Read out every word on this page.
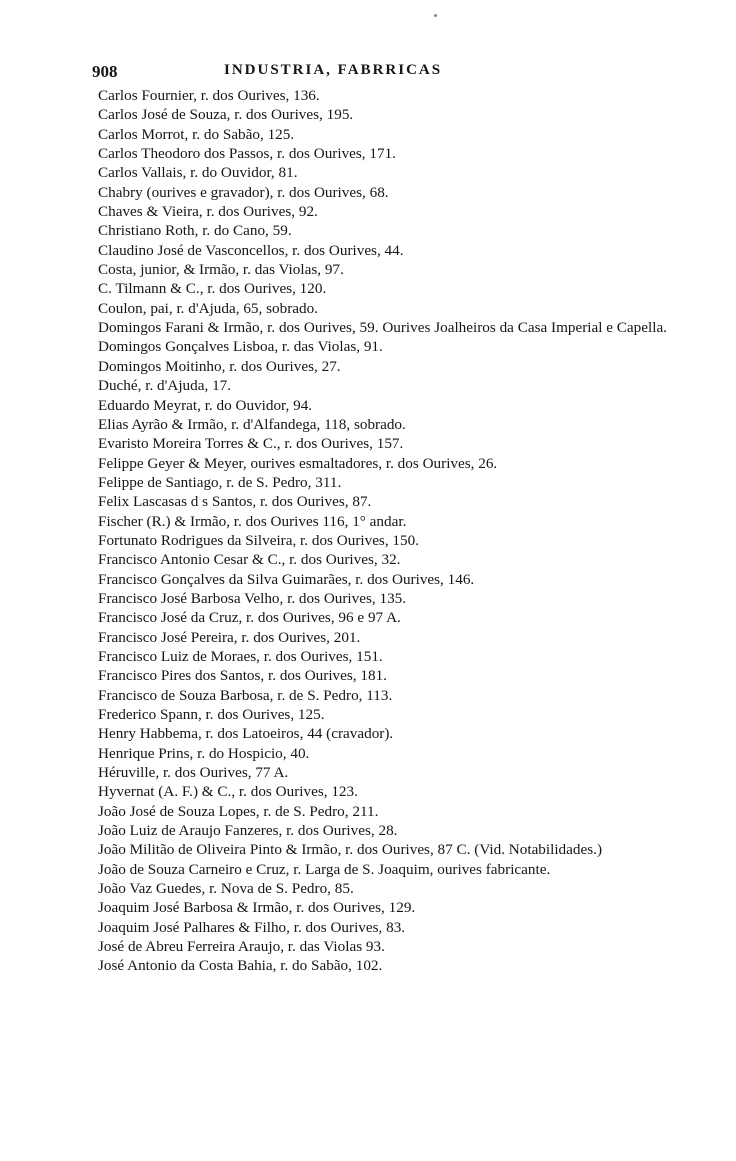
908	INDUSTRIA, FABRRICAS
Carlos Fournier, r. dos Ourives, 136.
Carlos José de Souza, r. dos Ourives, 195.
Carlos Morrot, r. do Sabão, 125.
Carlos Theodoro dos Passos, r. dos Ourives, 171.
Carlos Vallais, r. do Ouvidor, 81.
Chabry (ourives e gravador), r. dos Ourives, 68.
Chaves & Vieira, r. dos Ourives, 92.
Christiano Roth, r. do Cano, 59.
Claudino José de Vasconcellos, r. dos Ourives, 44.
Costa, junior, & Irmão, r. das Violas, 97.
C. Tilmann & C., r. dos Ourives, 120.
Coulon, pai, r. d'Ajuda, 65, sobrado.
Domingos Farani & Irmão, r. dos Ourives, 59. Ourives Joalheiros da Casa Imperial e Capella.
Domingos Gonçalves Lisboa, r. das Violas, 91.
Domingos Moitinho, r. dos Ourives, 27.
Duché, r. d'Ajuda, 17.
Eduardo Meyrat, r. do Ouvidor, 94.
Elias Ayrão & Irmão, r. d'Alfandega, 118, sobrado.
Evaristo Moreira Torres & C., r. dos Ourives, 157.
Felippe Geyer & Meyer, ourives esmaltadores, r. dos Ourives, 26.
Felippe de Santiago, r. de S. Pedro, 311.
Felix Lascasas d s Santos, r. dos Ourives, 87.
Fischer (R.) & Irmão, r. dos Ourives 116, 1° andar.
Fortunato Rodrigues da Silveira, r. dos Ourives, 150.
Francisco Antonio Cesar & C., r. dos Ourives, 32.
Francisco Gonçalves da Silva Guimarães, r. dos Ourives, 146.
Francisco José Barbosa Velho, r. dos Ourives, 135.
Francisco José da Cruz, r. dos Ourives, 96 e 97 A.
Francisco José Pereira, r. dos Ourives, 201.
Francisco Luiz de Moraes, r. dos Ourives, 151.
Francisco Pires dos Santos, r. dos Ourives, 181.
Francisco de Souza Barbosa, r. de S. Pedro, 113.
Frederico Spann, r. dos Ourives, 125.
Henry Habbema, r. dos Latoeiros, 44 (cravador).
Henrique Prins, r. do Hospicio, 40.
Héruville, r. dos Ourives, 77 A.
Hyvernat (A. F.) & C., r. dos Ourives, 123.
João José de Souza Lopes, r. de S. Pedro, 211.
João Luiz de Araujo Fanzeres, r. dos Ourives, 28.
João Militão de Oliveira Pinto & Irmão, r. dos Ourives, 87 C. (Vid. Notabilidades.)
João de Souza Carneiro e Cruz, r. Larga de S. Joaquim, ourives fabricante.
João Vaz Guedes, r. Nova de S. Pedro, 85.
Joaquim José Barbosa & Irmão, r. dos Ourives, 129.
Joaquim José Palhares & Filho, r. dos Ourives, 83.
José de Abreu Ferreira Araujo, r. das Violas 93.
José Antonio da Costa Bahia, r. do Sabão, 102.
